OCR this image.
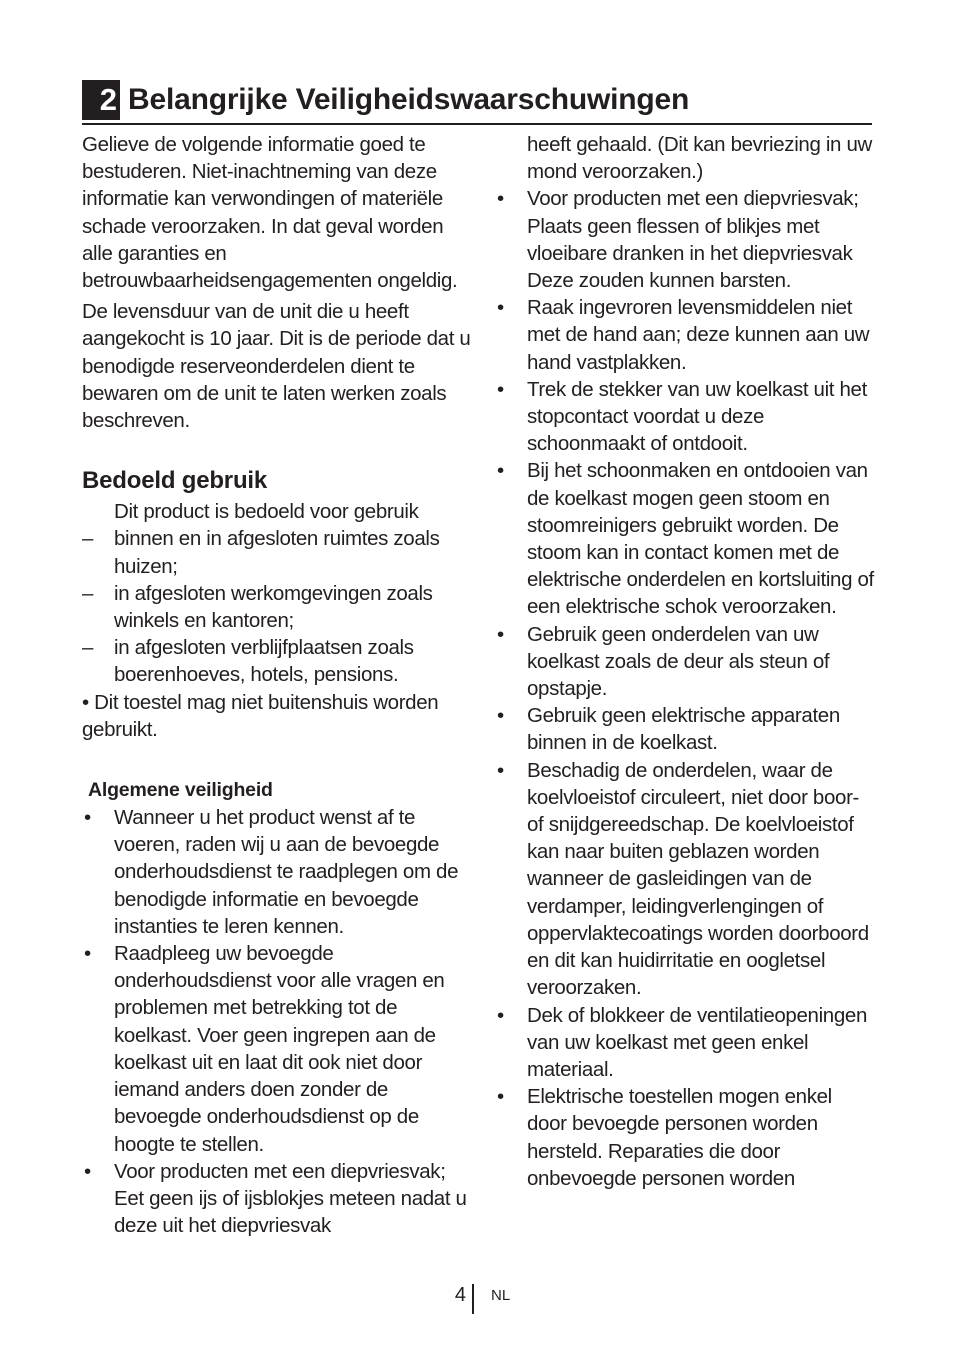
2 Belangrijke Veiligheidswaarschuwingen

Gelieve de volgende informatie goed te bestuderen. Niet-inachtneming van deze informatie kan verwondingen of materiële schade veroorzaken. In dat geval worden alle garanties en betrouwbaarheidsengagementen ongeldig.

De levensduur van de unit die u heeft aangekocht is 10 jaar. Dit is de periode dat u benodigde reserveonderdelen dient te bewaren om de unit te laten werken zoals beschreven.

Bedoeld gebruik
Dit product is bedoeld voor gebruik
–	binnen en in afgesloten ruimtes zoals huizen;
–	in afgesloten werkomgevingen zoals winkels en kantoren;
–	in afgesloten verblijfplaatsen zoals boerenhoeves, hotels, pensions.

• Dit toestel mag niet buitenshuis worden gebruikt.

Algemene veiligheid
•	Wanneer u het product wenst af te voeren, raden wij u aan de bevoegde onderhoudsdienst te raadplegen om de benodigde informatie en bevoegde instanties te leren kennen.
•	Raadpleeg uw bevoegde onderhoudsdienst voor alle vragen en problemen met betrekking tot de koelkast. Voer geen ingrepen aan de koelkast uit en laat dit ook niet door iemand anders doen zonder de bevoegde onderhoudsdienst op de hoogte te stellen.
•	Voor producten met een diepvriesvak; Eet geen ijs of ijsblokjes meteen nadat u deze uit het diepvriesvak
heeft gehaald. (Dit kan bevriezing in uw mond veroorzaken.)
•	Voor producten met een diepvriesvak; Plaats geen flessen of blikjes met vloeibare dranken in het diepvriesvak Deze zouden kunnen barsten.
•	Raak ingevroren levensmiddelen niet met de hand aan; deze kunnen aan uw hand vastplakken.
•	Trek de stekker van uw koelkast uit het stopcontact voordat u deze schoonmaakt of ontdooit.
•	Bij het schoonmaken en ontdooien van de koelkast mogen geen stoom en stoomreinigers gebruikt worden. De stoom kan in contact komen met de elektrische onderdelen en kortsluiting of een elektrische schok veroorzaken.
•	Gebruik geen onderdelen van uw koelkast zoals de deur als steun of opstapje.
•	Gebruik geen elektrische apparaten binnen in de koelkast.
•	Beschadig de onderdelen, waar de koelvloeistof circuleert, niet door boor- of snijdgereedschap. De koelvloeistof kan naar buiten geblazen worden wanneer de gasleidingen van de verdamper, leidingverlengingen of oppervlaktecoatings worden doorboord en dit kan huidirritatie en oogletsel veroorzaken.
•	Dek of blokkeer de ventilatieopeningen van uw koelkast met geen enkel materiaal.
•	Elektrische toestellen mogen enkel door bevoegde personen worden hersteld. Reparaties die door onbevoegde personen worden
4 NL
